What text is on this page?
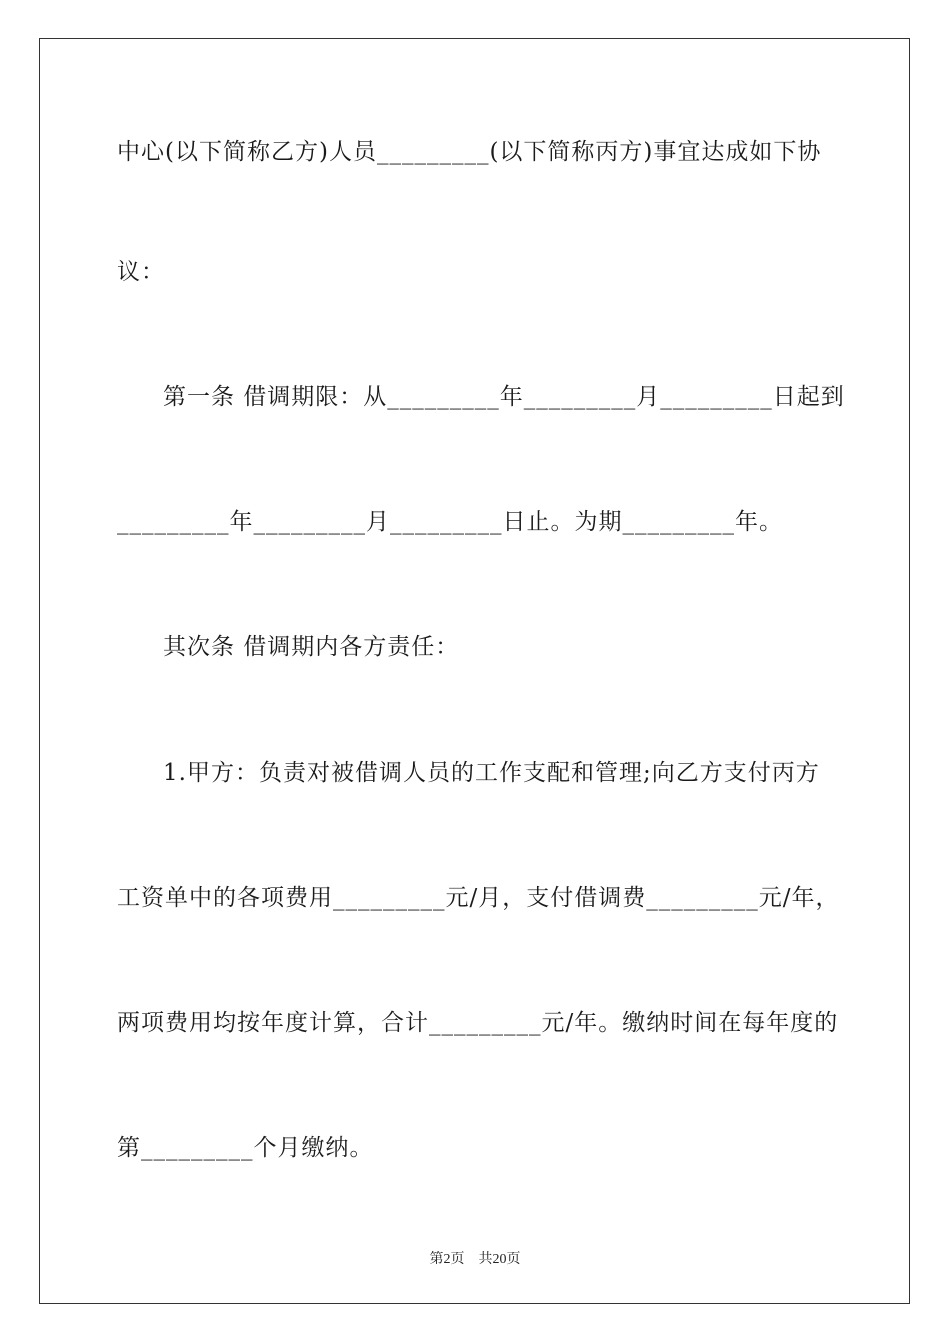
中心(以下简称乙方)人员_________(以下简称丙方)事宜达成如下协
议：
第一条 借调期限：从_________年_________月_________日起到
_________年_________月_________日止。为期_________年。
其次条 借调期内各方责任：
1.甲方：负责对被借调人员的工作支配和管理;向乙方支付丙方
工资单中的各项费用_________元/月，支付借调费_________元/年，
两项费用均按年度计算，合计_________元/年。缴纳时间在每年度的
第_________个月缴纳。
第2页 共20页
